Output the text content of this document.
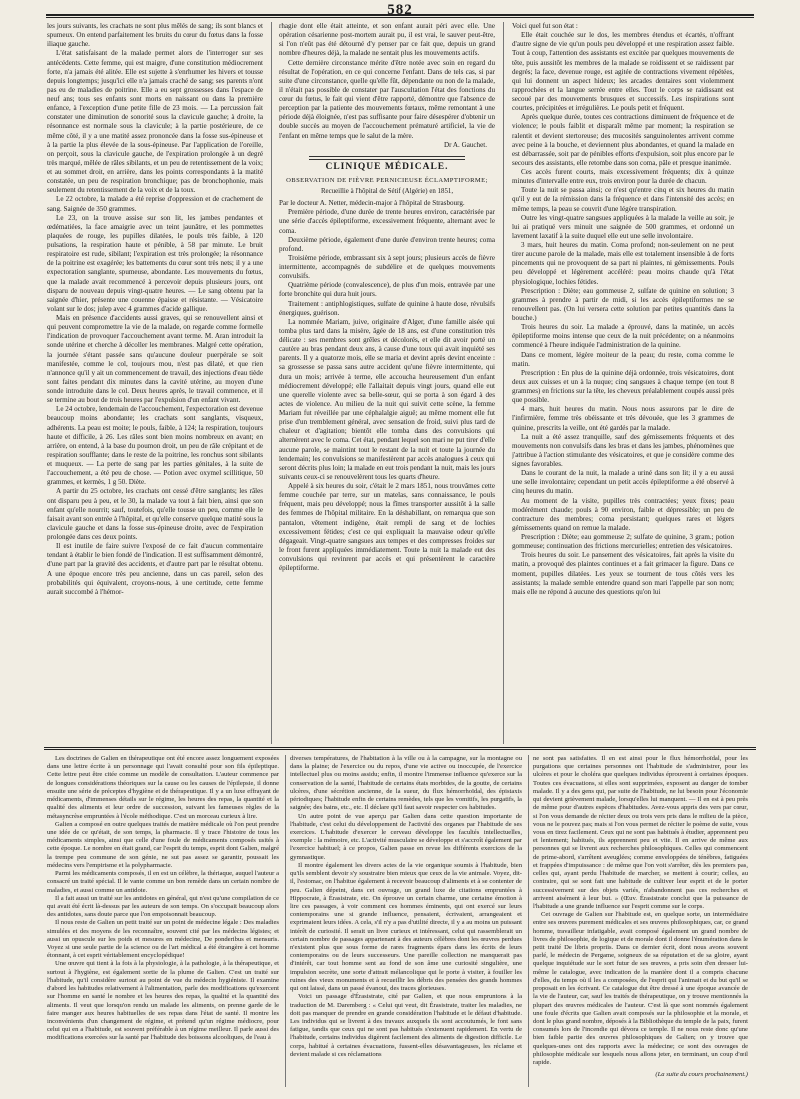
582

les jours suivants, les crachats ne sont plus mêlés de sang; ils sont blancs et spumeux. On entend parfaitement les bruits du cœur du fœtus dans la fosse iliaque gauche.

L'état satisfaisant de la malade permet alors de l'interroger sur ses antécédents. Cette femme, qui est maigre, d'une constitution médiocrement forte, n'a jamais été alitée. Elle est sujette à s'enrhumer les hivers et tousse depuis longtemps; jusqu'ici elle n'a jamais craché de sang; ses parents n'ont pas eu de maladies de poitrine. Elle a eu sept grossesses dans l'espace de neuf ans; tous ses enfants sont morts en naissant ou dans la première enfance, à l'exception d'une petite fille de 23 mois. — La percussion fait constater une diminution de sonorité sous la clavicule gauche; à droite, la résonnance est normale sous la clavicule; à la partie postérieure, de ce même côté, il y a une matité assez prononcée dans la fosse sus-épineuse et à la partie la plus élevée de la sous-épineuse. Par l'application de l'oreille, on perçoit, sous la clavicule gauche, de l'expiration prolongée à un degré très marqué, mêlée de râles sibilants, et un peu de retentissement de la voix; et au sommet droit, en arrière, dans les points correspondants à la matité constatée, un peu de respiration bronchique; pas de bronchophonie, mais seulement du retentissement de la voix et de la toux.

Le 22 octobre, la malade a été reprise d'oppression et de crachement de sang. Saignée de 350 grammes.

Le 23, on la trouve assise sur son lit, les jambes pendantes et œdématiées, la face amaigrie avec un teint jaunâtre, et les pommettes plaquées de rouge, les pupilles dilatées, le pouls très faible, à 120 pulsations, la respiration haute et pénible, à 58 par minute. Le bruit respiratoire est rude, sibilant; l'expiration est très prolongée; la résonnance de la poitrine est exagérée; les battements du cœur sont très nets; il y a une expectoration sanglante, spumeuse, abondante. Les mouvements du fœtus, que la malade avait recommencé à percevoir depuis plusieurs jours, ont disparu de nouveau depuis vingt-quatre heures. — Le sang obtenu par la saignée d'hier, présente une couenne épaisse et résistante. — Vésicatoire volant sur le dos; julep avec 4 grammes d'acide gallique.

Mais en présence d'accidents aussi graves, qui se renouvellent ainsi et qui peuvent compromettre la vie de la malade, on regarde comme formelle l'indication de provoquer l'accouchement avant terme. M. Aran introduit la sonde utérine et cherche à décoller les membranes. Malgré cette opération, la journée s'étant passée sans qu'aucune douleur puerpérale se soit manifestée, comme le col, toujours mou, n'est pas dilaté, et que rien n'annonce qu'il y ait un commencement de travail, des injections d'eau tiède sont faites pendant dix minutes dans la cavité utérine, au moyen d'une sonde introduite dans le col. Deux heures après, le travail commence, et il se termine au bout de trois heures par l'expulsion d'un enfant vivant.

Le 24 octobre, lendemain de l'accouchement, l'expectoration est devenue beaucoup moins abondante; les crachats sont sanglants, visqueux, adhérents. La peau est moite; le pouls, faible, à 124; la respiration, toujours haute et difficile, à 26. Les râles sont bien moins nombreux en avant; en arrière, on entend, à la base du poumon droit, un peu de râle crépitant et de respiration soufflante; dans le reste de la poitrine, les ronchus sont sibilants et muqueux. — La perte de sang par les parties génitales, à la suite de l'accouchement, a été peu de chose. — Potion avec oxymel scillitique, 50 grammes, et kermès, 1 g 50. Diète.

A partir du 25 octobre, les crachats ont cessé d'être sanglants; les râles ont disparu peu à peu, et le 30, la malade va tout à fait bien, ainsi que son enfant qu'elle nourrit; sauf, toutefois, qu'elle tousse un peu, comme elle le faisait avant son entrée à l'hôpital, et qu'elle conserve quelque matité sous la clavicule gauche et dans la fosse sus-épineuse droite, avec de l'expiration prolongée dans ces deux points.

Il est inutile de faire suivre l'exposé de ce fait d'aucun commentaire tendant à établir le bien fondé de l'indication. Il est suffisamment démontré, d'une part par la gravité des accidents, et d'autre part par le résultat obtenu. A une époque encore très peu ancienne, dans un cas pareil, selon des probabilités qui équivalent, croyons-nous, à une certitude, cette femme aurait succombé à l'hémor-

rhagie dont elle était atteinte, et son enfant aurait péri avec elle. Une opération césarienne post-mortem aurait pu, il est vrai, le sauver peut-être, si l'on n'eût pas été détourné d'y penser par ce fait que, depuis un grand nombre d'heures déjà, la malade ne sentait plus les mouvements actifs.

Cette dernière circonstance mérite d'être notée avec soin en regard du résultat de l'opération, en ce qui concerne l'enfant. Dans de tels cas, si par suite d'une circonstance, quelle qu'elle fût, dépendante ou non de la malade, il n'était pas possible de constater par l'auscultation l'état des fonctions du cœur du fœtus, le fait qui vient d'être rapporté, démontre que l'absence de perception par la patiente des mouvements fœtaux, même remontant à une période déjà éloignée, n'est pas suffisante pour faire désespérer d'obtenir un double succès au moyen de l'accouchement prématuré artificiel, la vie de l'enfant en même temps que le salut de la mère.

Dr A. Gauchet.
CLINIQUE MÉDICALE.
OBSERVATION DE FIÈVRE PERNICIEUSE ÉCLAMPTIFORME;
Recueillie à l'hôpital de Sétif (Algérie) en 1851,

Par le docteur A. Netter, médecin-major à l'hôpital de Strasbourg.

Première période, d'une durée de trente heures environ, caractérisée par une série d'accès épileptiforme, excessivement fréquente, alternant avec le coma.

Deuxième période, également d'une durée d'environ trente heures; coma profond.

Troisième période, embrassant six à sept jours; plusieurs accès de fièvre intermittente, accompagnés de subdélire et de quelques mouvements convulsifs.

Quatrième période (convalescence), de plus d'un mois, entravée par une forte bronchite qui dura huit jours.

Traitement : antiphlogistiques, sulfate de quinine à haute dose, révulsifs énergiques, guérison.

La nommée Mariam, juive, originaire d'Alger, d'une famille aisée qui tomba plus tard dans la misère, âgée de 18 ans, est d'une constitution très délicate : ses membres sont grêles et décolorés, et elle dit avoir porté un cautère au bras pendant deux ans, à cause d'une toux qui avait inquiété ses parents. Il y a quatorze mois, elle se maria et devint après devint enceinte : sa grossesse se passa sans autre accident qu'une fièvre intermittente, qui dura un mois; arrivée à terme, elle accoucha heureusement d'un enfant médiocrement développé; elle l'allaitait depuis vingt jours, quand elle eut une querelle violente avec sa belle-sœur, qui se porta à son égard à des actes de violence. Au milieu de la nuit qui suivit cette scène, la femme Mariam fut réveillée par une céphalalgie aiguë; au même moment elle fut prise d'un tremblement général, avec sensation de froid, suivi plus tard de chaleur et d'agitation; bientôt elle tomba dans des convulsions qui alternèrent avec le coma. Cet état, pendant lequel son mari ne put tirer d'elle aucune parole, se maintint tout le restant de la nuit et toute la journée du lendemain; les convulsions se manifestèrent par accès analogues à ceux qui seront décrits plus loin; la malade en eut trois pendant la nuit, mais les jours suivants ceux-ci se renouvelèrent tous les quarts d'heure.

Appelé à six heures du soir, c'était le 2 mars 1851, nous trouvâmes cette femme couchée par terre, sur un matelas, sans connaissance, le pouls fréquent, mais peu développé; nous la fîmes transporter aussitôt à la salle des femmes de l'hôpital militaire. En la déshabillant, on remarqua que son pantalon, vêtement indigène, était rempli de sang et de lochies excessivement fétides; c'est ce qui expliquait la mauvaise odeur qu'elle dégageait. Vingt-quatre sangsues aux tempes et des compresses froides sur le front furent appliquées immédiatement. Toute la nuit la malade eut des convulsions qui revinrent par accès et qui présentèrent le caractère épileptiforme.

Voici quel fut son état :

Elle était couchée sur le dos, les membres étendus et écartés, n'offrant d'autre signe de vie qu'un pouls peu développé et une respiration assez faible. Tout à coup, l'attention des assistants est excitée par quelques mouvements de tête, puis aussitôt les membres de la malade se roidissent et se raidissent par degrés; la face, devenue rouge, est agitée de contractions vivement répétées, qui lui donnent un aspect hideux; les arcades dentaires sont violemment rapprochées et la langue serrée entre elles. Tout le corps se raidissant est secoué par des mouvements brusques et successifs. Les inspirations sont courtes, précipitées et irrégulières. Le pouls petit et fréquent.

Après quelque durée, toutes ces contractions diminuent de fréquence et de violence; le pouls faiblit et disparaît même par moment; la respiration se ralentit et devient stertoreuse; des mucosités sanguinolentes arrivent comme avec peine à la bouche, et deviennent plus abondantes, et quand la malade en est débarrassée, soit par de pénibles efforts d'expulsion, soit plus encore par le secours des assistants, elle retombe dans son coma, pâle et presque inanimée.

Ces accès furent courts, mais excessivement fréquents; dix à quinze minutes d'intervalle entre eux, trois environ pour la durée de chacun.

Toute la nuit se passa ainsi; ce n'est qu'entre cinq et six heures du matin qu'il y eut de la rémission dans la fréquence et dans l'intensité des accès; en même temps, la peau se couvrit d'une légère transpiration.

Outre les vingt-quatre sangsues appliquées à la malade la veille au soir, je lui ai pratiqué vers minuit une saignée de 500 grammes, et ordonné un lavement laxatif à la suite duquel elle eut une selle involontaire.

3 mars, huit heures du matin. Coma profond; non-seulement on ne peut tirer aucune parole de la malade, mais elle est totalement insensible à de forts pincements qui ne provoquent de sa part ni plaintes, ni gémissements. Pouls peu développé et légèrement accéléré: peau moins chaude qu'à l'état physiologique, lochies fétides.

Prescription : Diète; eau gommeuse 2, sulfate de quinine en solution; 3 grammes à prendre à partir de midi, si les accès épileptiformes ne se renouvellent pas. (On lui versera cette solution par petites quantités dans la bouche.)

Trois heures du soir. La malade a éprouvé, dans la matinée, un accès épileptiforme moins intense que ceux de la nuit précédente; on a néanmoins commencé à l'heure indiquée l'administration de la quinine.

Dans ce moment, légère moiteur de la peau; du reste, coma comme le matin.

Prescription : En plus de la quinine déjà ordonnée, trois vésicatoires, dont deux aux cuisses et un à la nuque; cinq sangsues à chaque tempe (en tout 8 grammes) en frictions sur la tête, les cheveux préalablement coupés aussi près que possible.

4 mars, huit heures du matin. Nous nous assurons par le dire de l'infirmière, femme très obéissante et très dévouée, que les 3 grammes de quinine, prescrits la veille, ont été gardés par la malade.

La nuit a été assez tranquille, sauf des gémissements fréquents et des mouvements non convulsifs dans les bras et dans les jambes, phénomènes que j'attribue à l'action stimulante des vésicatoires, et que je considère comme des signes favorables.

Dans le courant de la nuit, la malade a uriné dans son lit; il y a eu aussi une selle involontaire; cependant un petit accès épileptiforme a été observé à cinq heures du matin.

Au moment de la visite, pupilles très contractées; yeux fixes; peau modérément chaude; pouls à 90 environ, faible et dépressible; un peu de contracture des membres; coma persistant; quelques rares et légers gémissements quand on remue la malade.

Prescription : Diète; eau gommeuse 2; sulfate de quinine, 3 gram.; potion gommeuse; continuation des frictions mercurielles; entretien des vésicatoires.

Trois heures du soir. Le pansement des vésicatoires, fait après la visite du matin, a provoqué des plaintes continues et a fait grimacer la figure. Dans ce moment, pupilles dilatées. Les yeux se tournent de tous côtés vers les assistants; la malade semble entendre quand son mari l'appelle par son nom; mais elle ne répond à aucune des questions qu'on lui

Les doctrines de Galien en thérapeutique ont été encore assez longuement exposées dans une lettre écrite à un personnage qui l'avait consulté pour son fils épileptique. Cette lettre peut être citée comme un modèle de consultation. L'auteur commence par de longues considérations théoriques sur la cause ou les causes de l'épilepsie, il donne ensuite une série de préceptes d'hygiène et de thérapeutique. Il y a un luxe effrayant de médicaments, d'immenses détails sur le régime, les heures des repas, la quantité et la qualité des aliments et leur ordre de succession, suivant les fameuses règles de la métasyncrèse empruntées à l'école méthodique. C'est un morceau curieux à lire.

Galien a composé en outre quelques traités de matière médicale où l'on peut prendre une idée de ce qu'était, de son temps, la pharmacie. Il y trace l'histoire de tous les médicaments simples, ainsi que celle d'une foule de médicaments composés usités à cette époque. Le nombre en était grand, car l'esprit du temps, esprit dont Galien, malgré la trempe peu commune de son génie, ne sut pas assez se garantir, poussait les médecins vers l'empirisme et la polypharmacie.

Parmi les médicaments composés, il en est un célèbre, la thériaque, auquel l'auteur a consacré un traité spécial. Il le vante comme un bon remède dans un certain nombre de maladies, et aussi comme un antidote.

Il a fait aussi un traité sur les antidotes en général, qui n'est qu'une compilation de ce qui avait été écrit là-dessus par les auteurs de son temps. On s'occupait beaucoup alors des antidotes, sans doute parce que l'on empoisonnait beaucoup.

Il nous reste de Galien un petit traité sur un point de médecine légale : Des maladies simulées et des moyens de les reconnaître, souvent cité par les médecins légistes; et aussi un opuscule sur les poids et mesures en médecine, De ponderibus et mensuris. Voyez si une seule partie de la science ou de l'art médical a été étrangère à cet homme étonnant, à cet esprit véritablement encyclopédique!

Une œuvre qui tient à la fois à la physiologie, à la pathologie, à la thérapeutique, et surtout à l'hygiène, est également sortie de la plume de Galien. C'est un traité sur l'habitude, qu'il considère surtout au point de vue du médecin hygiéniste. Il examine d'abord les habitudes relativement à l'alimentation, parle des modifications qu'exercent sur l'homme en santé le nombre et les heures des repas, la qualité et la quantité des aliments. Il veut que lorsqu'on rendu un malade les aliments, on prenne garde de le faire manger aux heures habituelles de ses repas dans l'état de santé. Il montre les inconvénients d'un changement de régime, et prétend qu'un régime médiocre, pour celui qui en a l'habitude, est souvent préférable à un régime meilleur. Il parle aussi des modifications exercées sur la santé par l'habitude des boissons alcooliques, de l'eau à

diverses températures, de l'habitation à la ville ou à la campagne, sur la montagne ou dans la plaine; de l'exercice ou du repos, d'une vie active ou inoccupée, de l'exercice intellectuel plus ou moins assidu; enfin, il montre l'immense influence qu'exerce sur la conservation de la santé, l'habitude de certains états morbides, de la goutte, de certains ulcères, d'une sécrétion ancienne, de la sueur, du flux hémorrhoïdal, des épistaxis périodiques; l'habitude enfin de certains remèdes, tels que les vomitifs, les purgatifs, la saignée; des bains, etc., etc. Il déclare qu'il faut savoir respecter ces habitudes.

Un autre point de vue aperçu par Galien dans cette question importante de l'habitude, c'est celui du développement de l'activité des organes par l'habitude de ses exercices. L'habitude d'exercer le cerveau développe les facultés intellectuelles, exemple : la mémoire, etc. L'activité musculaire se développe et s'accroît également par l'exercice habituel; à ce propos, Galien passe en revue les différents exercices de la gymnastique.

Il montre également les divers actes de la vie organique soumis à l'habitude, bien qu'ils semblent devoir s'y soustraire bien mieux que ceux de la vie animale. Voyez, dit-il, l'estomac, on l'habitue également à recevoir beaucoup d'aliments et à se contenter de peu. Galien dépeint, dans cet ouvrage, un grand luxe de citations empruntées à Hippocrate, à Érasistrate, etc. On éprouve un certain charme, une certaine émotion à lire ces passages, à voir comment ces hommes éminents, qui ont exercé sur leurs contemporains une si grande influence, pensaient, écrivaient, arrangeaient et exprimaient leurs idées. A cela, s'il n'y a pas d'utilité directe, il y a au moins un puissant intérêt de curiosité. Il serait un livre curieux et intéressant, celui qui rassemblerait un certain nombre de passages appartenant à des auteurs célèbres dont les œuvres perdues n'existent plus que sous forme de rares fragments épars dans les écrits de leurs contemporains ou de leurs successeurs. Une pareille collection ne manquerait pas d'intérêt, car tout homme sent au fond de son âme une curiosité singulière, une impulsion secrète, une sorte d'attrait mélancolique qui le porte à visiter, à fouiller les ruines des vieux monuments et à recueillir les débris des pensées des grands hommes qui ont laissé, dans un passé évanoui, des traces glorieuses.

Voici un passage d'Érasistrate, cité par Galien, et que nous empruntons à la traduction de M. Daremberg : « Celui qui veut, dit Érasistrate, traiter les maladies, ne doit pas manquer de prendre en grande considération l'habitude et le défaut d'habitude. Les individus qui se livrent à des travaux auxquels ils sont accoutumés, le font sans fatigue, tandis que ceux qui ne sont pas habitués s'extenuent rapidement. En vertu de l'habitude, certains individus digèrent facilement des aliments de digestion difficile. Le corps, habitué à certaines évacuations, fussent-elles désavantageuses, les réclame et devient malade si ces réclamations

ne sont pas satisfaites. Il en est ainsi pour le flux hémorrhoïdal, pour les purgations que certaines personnes ont l'habitude de s'administrer, pour les ulcères et pour le choléra que quelques individus éprouvent à certaines époques. Toutes ces évacuations, si elles sont supprimées, exposent au danger de tomber malade. Il y a des gens qui, par suite de l'habitude, ne lui besoin pour l'économie qui devient grièvement malade, lorsqu'elles lui manquent. — Il en est à peu près de même pour d'autres espèces d'habitudes. Avez-vous appris des vers par cœur, si l'on vous demande de réciter deux ou trois vers pris dans le milieu de la pièce, vous ne le pouvez pas; mais si l'on vous permet de réciter le poème de suite, vous vous en tirez facilement. Ceux qui ne sont pas habitués à étudier, apprennent peu et lentement; habitués, ils apprennent peu et vite. Il en arrive de même aux personnes qui se livrent aux recherches philosophiques. Celles qui commencent de prime-abord, s'arrêtent aveuglées; comme enveloppées de ténèbres, fatiguées et frappées d'impuissance : de même que l'on voit s'arrêter, dès les premiers pas, celles qui, ayant perdu l'habitude de marcher, se mettent à courir; celles, au contraire, qui se sont fait une habitude de cultiver leur esprit et de le porter successivement sur des objets variés, n'abandonnent pas ces recherches et arrivent aisément à leur but. » (Œuv. Érasistrate conclut que la puissance de l'habitude a une grande influence sur l'esprit comme sur le corps.

Cet ouvrage de Galien sur l'habitude est, en quelque sorte, un intermédiaire entre ses œuvres purement médicales et ses œuvres philosophiques, car, ce grand homme, travailleur infatigable, avait composé également un grand nombre de livres de philosophie, de logique et de morale dont il donne l'énumération dans le petit traité De libris propriis. Dans ce dernier écrit, dont nous avons souvent parlé, le médecin de Pergame, soigneux de sa réputation et de sa gloire, ayant quelque inquiétude sur le sort futur de ses œuvres, a pris soin d'en dresser lui-même le catalogue, avec indication de la manière dont il a compris chacune d'elles, du temps où il les a composées, de l'esprit qui l'animait et du but qu'il se proposait en les écrivant. Ce catalogue dut être dressé à une époque avancée de la vie de l'auteur, car, sauf les traités de thérapeutique, on y trouve mentionnés la plupart des œuvres médicales de l'auteur. C'est là que sont nommés également une foule d'écrits que Galien avait composés sur la philosophie et la morale, et dont le plus grand nombre, déposés à la Bibliothèque du temple de la paix, furent consumés lors de l'incendie qui dévora ce temple. Il ne nous reste donc qu'une bien faible partie des œuvres philosophiques de Galien; on y trouve que quelques-unes ont des rapports avec la médecine; ce sont des ouvrages de philosophie médicale sur lesquels nous allons jeter, en terminant, un coup d'œil rapide.

(La suite du cours prochainement.)
